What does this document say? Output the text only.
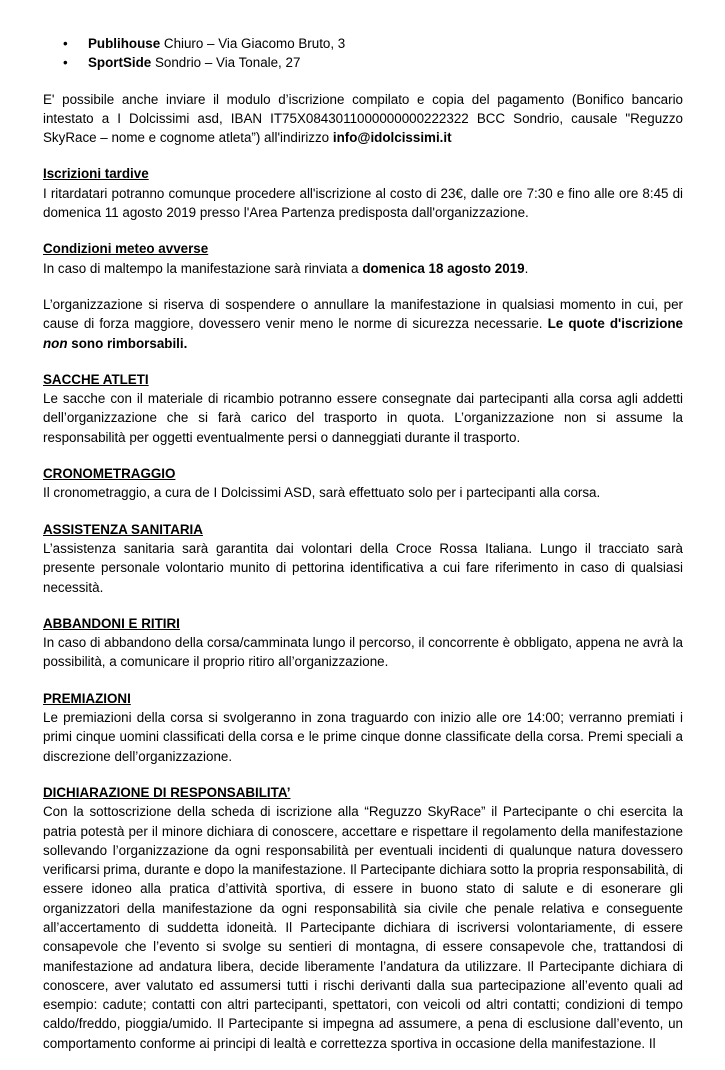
• Publihouse Chiuro – Via Giacomo Bruto, 3
• SportSide Sondrio – Via Tonale, 27

E' possibile anche inviare il modulo d’iscrizione compilato e copia del pagamento (Bonifico bancario intestato a I Dolcissimi asd, IBAN IT75X0843011000000000222322 BCC Sondrio, causale "Reguzzo SkyRace – nome e cognome atleta”) all'indirizzo info@idolcissimi.it

Iscrizioni tardive

I ritardatari potranno comunque procedere all'iscrizione al costo di 23€, dalle ore 7:30 e fino alle ore 8:45 di domenica 11 agosto 2019 presso l'Area Partenza predisposta dall'organizzazione.

Condizioni meteo avverse

In caso di maltempo la manifestazione sarà rinviata a domenica 18 agosto 2019.

L’organizzazione si riserva di sospendere o annullare la manifestazione in qualsiasi momento in cui, per cause di forza maggiore, dovessero venir meno le norme di sicurezza necessarie. Le quote d'iscrizione non sono rimborsabili.

SACCHE ATLETI

Le sacche con il materiale di ricambio potranno essere consegnate dai partecipanti alla corsa agli addetti dell’organizzazione che si farà carico del trasporto in quota. L’organizzazione non si assume la responsabilità per oggetti eventualmente persi o danneggiati durante il trasporto.

CRONOMETRAGGIO

Il cronometraggio, a cura de I Dolcissimi ASD, sarà effettuato solo per i partecipanti alla corsa.

ASSISTENZA SANITARIA

L’assistenza sanitaria sarà garantita dai volontari della Croce Rossa Italiana. Lungo il tracciato sarà presente personale volontario munito di pettorina identificativa a cui fare riferimento in caso di qualsiasi necessità.

ABBANDONI E RITIRI

In caso di abbandono della corsa/camminata lungo il percorso, il concorrente è obbligato, appena ne avrà la possibilità, a comunicare il proprio ritiro all’organizzazione.

PREMIAZIONI

Le premiazioni della corsa si svolgeranno in zona traguardo con inizio alle ore 14:00; verranno premiati i primi cinque uomini classificati della corsa e le prime cinque donne classificate della corsa. Premi speciali a discrezione dell’organizzazione.

DICHIARAZIONE DI RESPONSABILITA’

Con la sottoscrizione della scheda di iscrizione alla “Reguzzo SkyRace” il Partecipante o chi esercita la patria potestà per il minore dichiara di conoscere, accettare e rispettare il regolamento della manifestazione sollevando l’organizzazione da ogni responsabilità per eventuali incidenti di qualunque natura dovessero verificarsi prima, durante e dopo la manifestazione. Il Partecipante dichiara sotto la propria responsabilità, di essere idoneo alla pratica d’attività sportiva, di essere in buono stato di salute e di esonerare gli organizzatori della manifestazione da ogni responsabilità sia civile che penale relativa e conseguente all’accertamento di suddetta idoneità. Il Partecipante dichiara di iscriversi volontariamente, di essere consapevole che l’evento si svolge su sentieri di montagna, di essere consapevole che, trattandosi di manifestazione ad andatura libera, decide liberamente l’andatura da utilizzare. Il Partecipante dichiara di conoscere, aver valutato ed assumersi tutti i rischi derivanti dalla sua partecipazione all’evento quali ad esempio: cadute; contatti con altri partecipanti, spettatori, con veicoli od altri contatti; condizioni di tempo caldo/freddo, pioggia/umido. Il Partecipante si impegna ad assumere, a pena di esclusione dall’evento, un comportamento conforme ai principi di lealtà e correttezza sportiva in occasione della manifestazione. Il
